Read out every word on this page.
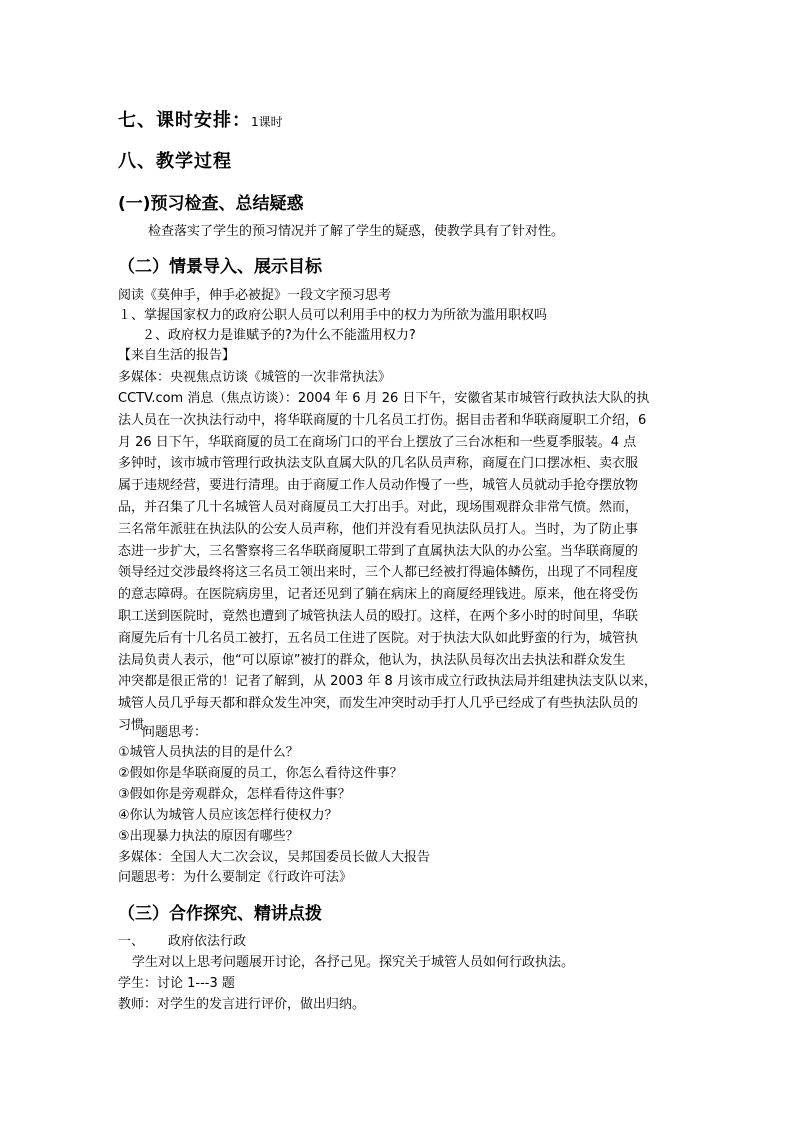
七、课时安排：1课时
八、教学过程
(一)预习检查、总结疑惑
检查落实了学生的预习情况并了解了学生的疑惑，使教学具有了针对性。
（二）情景导入、展示目标
阅读《莫伸手，伸手必被捉》一段文字预习思考
１、掌握国家权力的政府公职人员可以利用手中的权力为所欲为滥用职权吗
２、政府权力是谁赋予的?为什么不能滥用权力?
【来自生活的报告】
多媒体：央视焦点访谈《城管的一次非常执法》
CCTV.com 消息（焦点访谈）：2004 年 6 月 26 日下午，安徽省某市城管行政执法大队的执
法人员在一次执法行动中，将华联商厦的十几名员工打伤。据目击者和华联商厦职工介绍，6
月 26 日下午，华联商厦的员工在商场门口的平台上摆放了三台冰柜和一些夏季服装。4 点
多钟时，该市城市管理行政执法支队直属大队的几名队员声称，商厦在门口摆冰柜、卖衣服
属于违规经营，要进行清理。由于商厦工作人员动作慢了一些，城管人员就动手抢夺摆放物
品，并召集了几十名城管人员对商厦员工大打出手。对此，现场围观群众非常气愤。然而，
三名常年派驻在执法队的公安人员声称，他们并没有看见执法队员打人。当时，为了防止事
态进一步扩大，三名警察将三名华联商厦职工带到了直属执法大队的办公室。当华联商厦的
领导经过交涉最终将这三名员工领出来时，三个人都已经被打得遍体鳞伤，出现了不同程度
的意志障碍。在医院病房里，记者还见到了躺在病床上的商厦经理钱进。原来，他在将受伤
职工送到医院时，竟然也遭到了城管执法人员的殴打。这样，在两个多小时的时间里，华联
商厦先后有十几名员工被打，五名员工住进了医院。对于执法大队如此野蛮的行为，城管执
法局负责人表示，他“可以原谅”被打的群众，他认为，执法队员每次出去执法和群众发生
冲突都是很正常的！记者了解到，从 2003 年 8 月该市成立行政执法局并组建执法支队以来，
城管人员几乎每天都和群众发生冲突，而发生冲突时动手打人几乎已经成了有些执法队员的
习惯。
问题思考：
①城管人员执法的目的是什么？
②假如你是华联商厦的员工，你怎么看待这件事？
③假如你是旁观群众，怎样看待这件事？
④你认为城管人员应该怎样行使权力？
⑤出现暴力执法的原因有哪些？
多媒体：全国人大二次会议，吴邦国委员长做人大报告
问题思考：为什么要制定《行政许可法》
（三）合作探究、精讲点拨
一、 政府依法行政
学生对以上思考问题展开讨论，各抒己见。探究关于城管人员如何行政执法。
学生：讨论 1---3 题
教师：对学生的发言进行评价，做出归纳。
